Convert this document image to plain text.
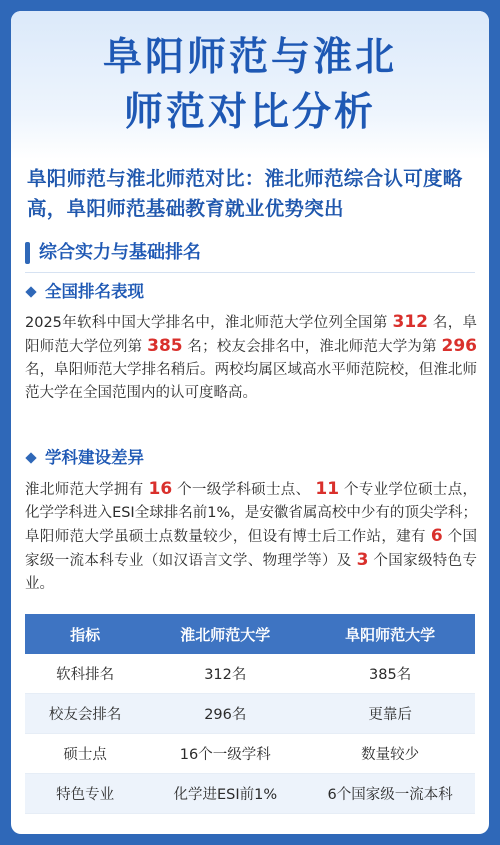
阜阳师范与淮北
师范对比分析
阜阳师范与淮北师范对比：淮北师范综合认可度略高，阜阳师范基础教育就业优势突出
综合实力与基础排名
全国排名表现
2025年软科中国大学排名中，淮北师范大学位列全国第 312 名，阜阳师范大学位列第 385 名；校友会排名中，淮北师范大学为第 296 名，阜阳师范大学排名稍后。两校均属区域高水平师范院校，但淮北师范大学在全国范围内的认可度略高。
学科建设差异
淮北师范大学拥有 16 个一级学科硕士点、 11 个专业学位硕士点，化学学科进入ESI全球排名前1%，是安徽省属高校中少有的顶尖学科；阜阳师范大学虽硕士点数量较少，但设有博士后工作站，建有 6 个国家级一流本科专业（如汉语言文学、物理学等）及 3 个国家级特色专业。
指标	淮北师范大学	阜阳师范大学
软科排名	312名	385名
校友会排名	296名	更靠后
硕士点	16个一级学科	数量较少
特色专业	化学进ESI前1%	6个国家级一流本科
